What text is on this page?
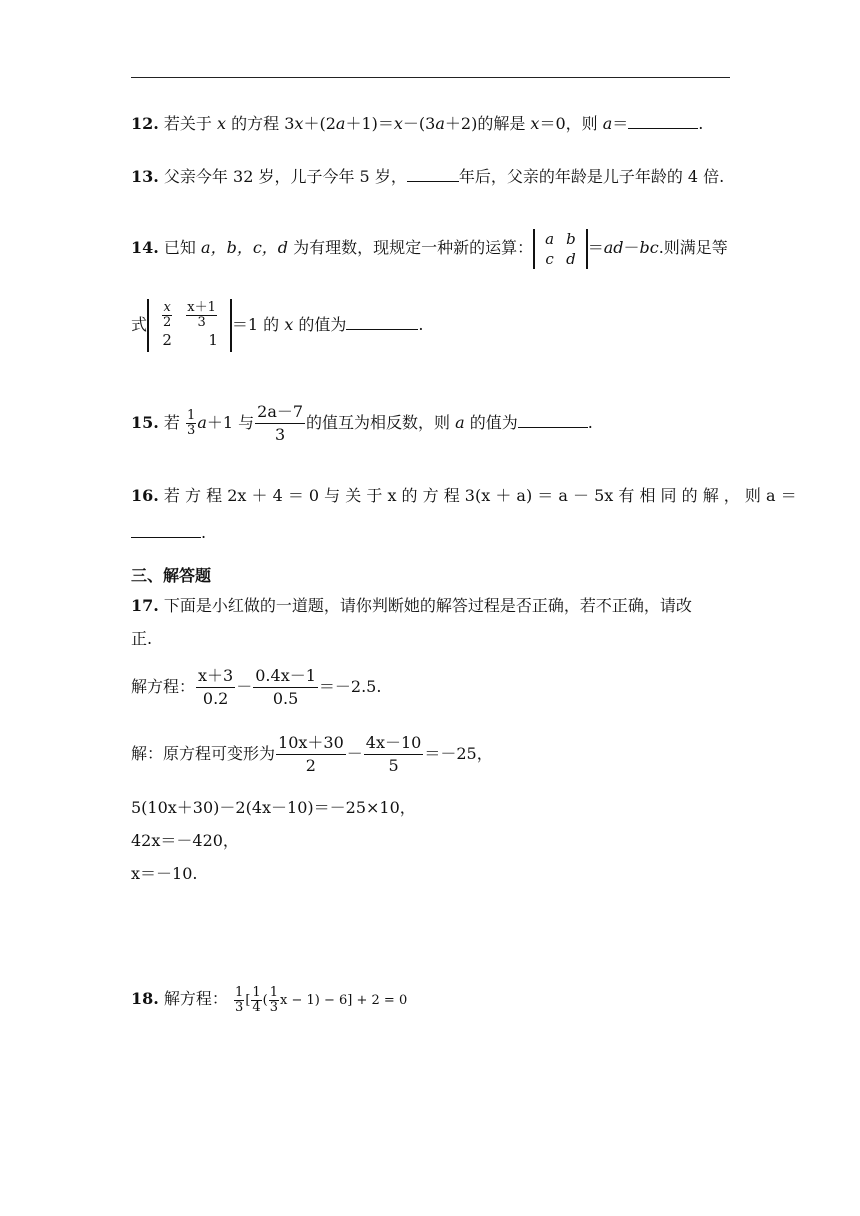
12. 若关于 x 的方程 3x＋(2a＋1)＝x－(3a＋2)的解是 x＝0，则 a＝	.
13. 父亲今年 32 岁，儿子今年 5 岁，	年后，父亲的年龄是儿子年龄的 4 倍.
14. 已知 a，b，c，d 为有理数，现规定一种新的运算： a	b
c	d
＝ad－bc.则满足等
式 $\frac{x}{2}$	$\frac{x+1}{3}$

2	1
＝1 的 x 的值为	.
15. 若 $\frac{1}{3} a+1$ 与 $\frac{2a-7}{3}$ 的值互为相反数，则 a 的值为	.
16. 若 方 程 2x ＋ 4 ＝ 0 与 关 于 x 的 方 程 3(x ＋ a) ＝ a － 5x 有 相 同 的 解 ， 则 a ＝
.
三、解答题
17. 下面是小红做的一道题，请你判断她的解答过程是否正确，若不正确，请改
正.
解方程： $\frac{x+3}{0.2} - \frac{0.4x-1}{0.5} =-2.5$.
解：原方程可变形为 $\frac{10x+30}{2} - \frac{4x-10}{5} =-25$，
5(10x＋30)－2(4x－10)＝－25×10，
42x＝－420，
x＝－10.
18. 解方程： $\frac{1}{3}$ [ $\frac{1}{4}$ ( $\frac{1}{3}$ x − 1) − 6] + 2 = 0
